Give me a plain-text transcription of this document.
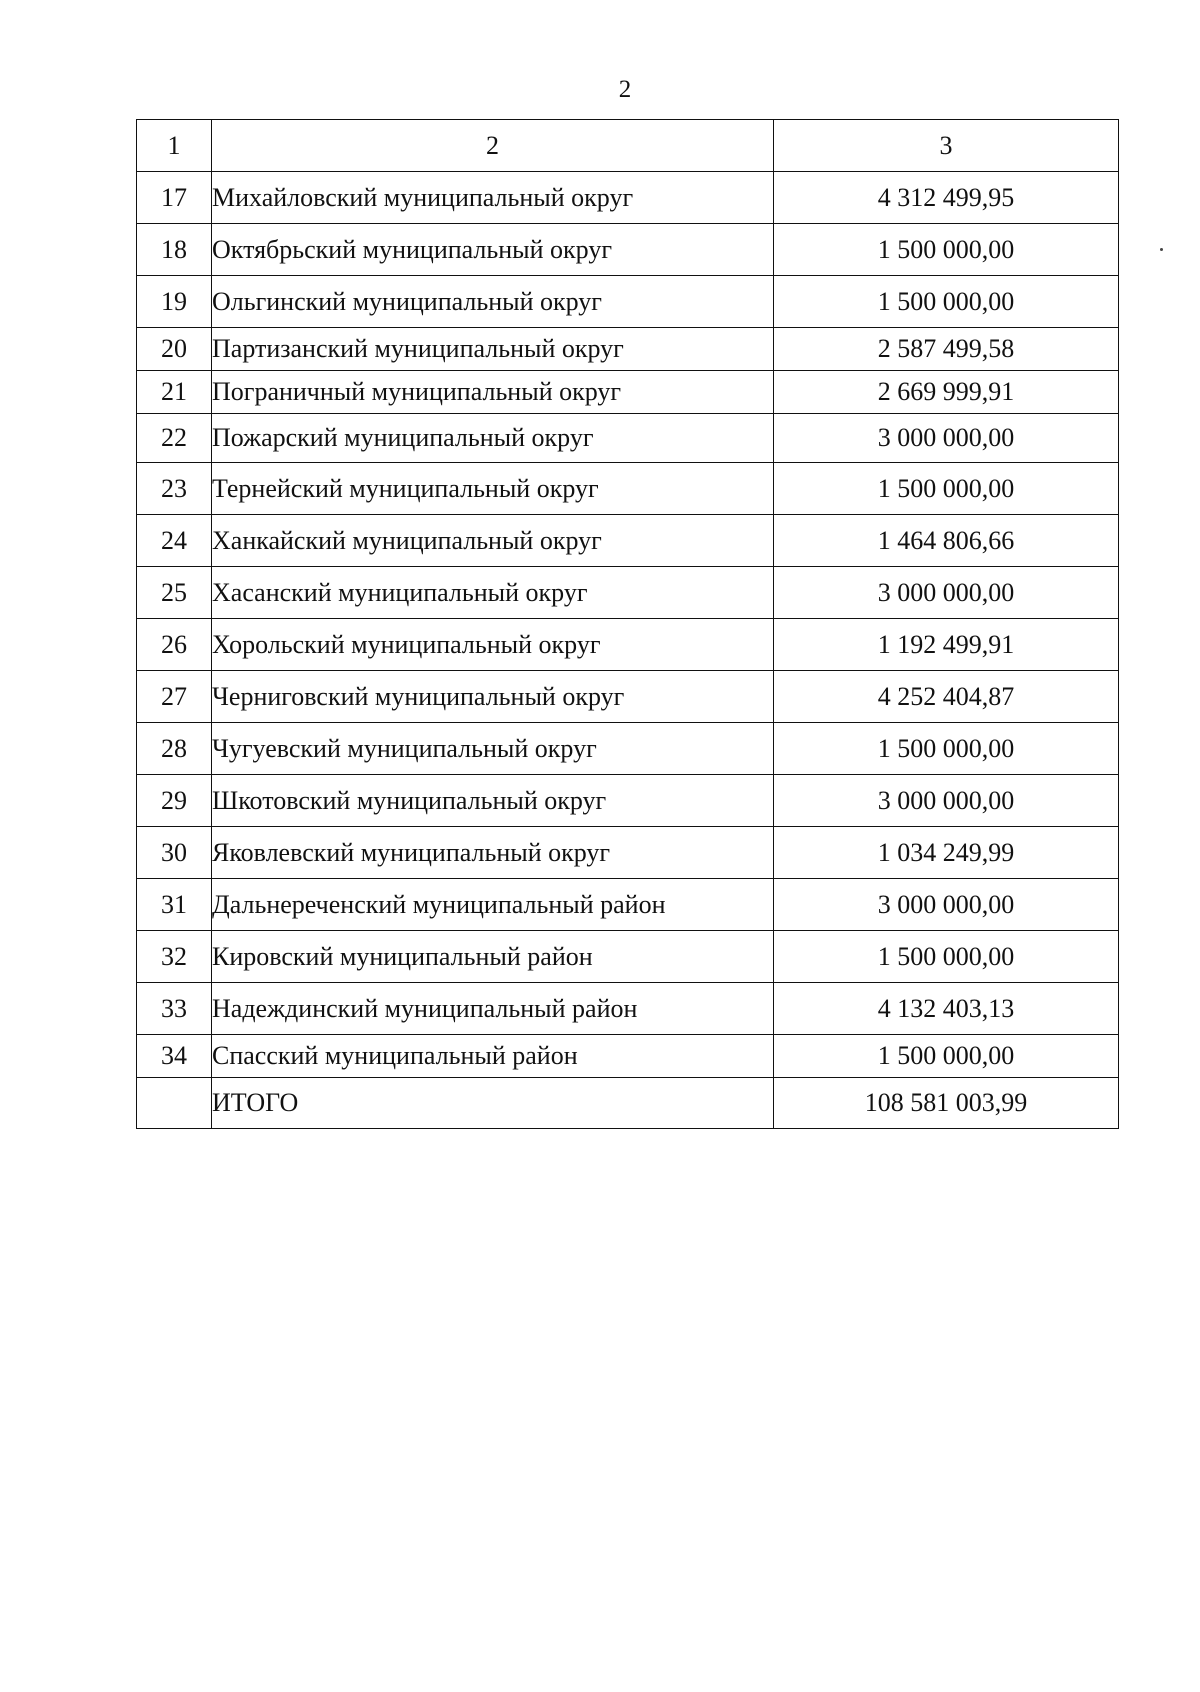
2
1	2	3
17	Михайловский муниципальный округ	4 312 499,95
18	Октябрьский муниципальный округ	1 500 000,00
19	Ольгинский муниципальный округ	1 500 000,00
20	Партизанский муниципальный округ	2 587 499,58
21	Пограничный муниципальный округ	2 669 999,91
22	Пожарский муниципальный округ	3 000 000,00
23	Тернейский муниципальный округ	1 500 000,00
24	Ханкайский муниципальный округ	1 464 806,66
25	Хасанский муниципальный округ	3 000 000,00
26	Хорольский муниципальный округ	1 192 499,91
27	Черниговский муниципальный округ	4 252 404,87
28	Чугуевский муниципальный округ	1 500 000,00
29	Шкотовский муниципальный округ	3 000 000,00
30	Яковлевский муниципальный округ	1 034 249,99
31	Дальнереченский муниципальный район	3 000 000,00
32	Кировский муниципальный район	1 500 000,00
33	Надеждинский муниципальный район	4 132 403,13
34	Спасский муниципальный район	1 500 000,00
	ИТОГО	108 581 003,99
